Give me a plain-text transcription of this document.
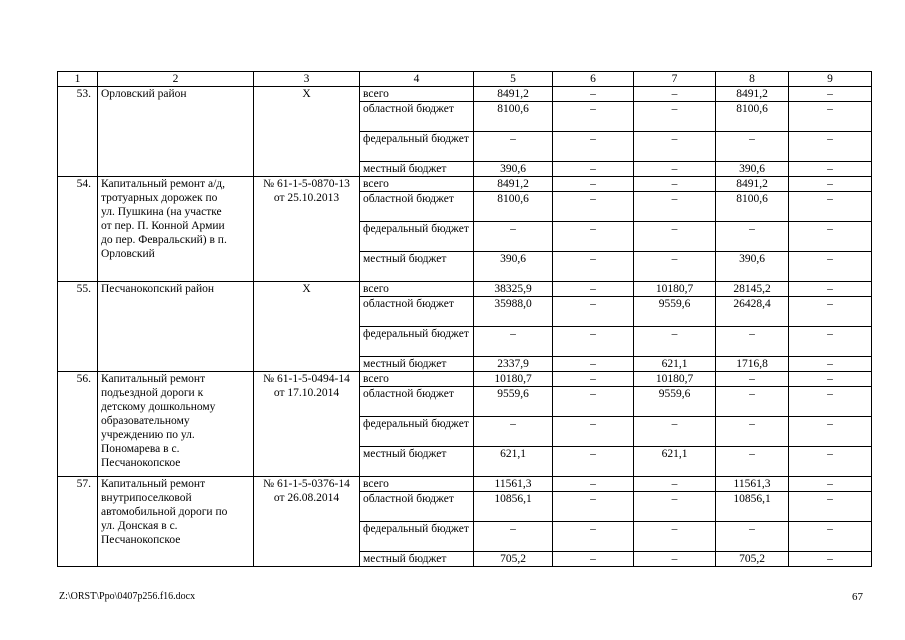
1	2	3	4	5	6	7	8	9
53.	Орловский район	Х	всего	8491,2	–	–	8491,2	–
			областной бюджет	8100,6	–	–	8100,6	–
			федеральный бюджет	–	–	–	–	–
			местный бюджет	390,6	–	–	390,6	–
54.	Капитальный ремонт а/д, тротуарных дорожек по ул. Пушкина (на участке от пер. П. Конной Армии до пер. Февральский) в п. Орловский	№ 61-1-5-0870-13 от 25.10.2013	всего	8491,2	–	–	8491,2	–
			областной бюджет	8100,6	–	–	8100,6	–
			федеральный бюджет	–	–	–	–	–
			местный бюджет	390,6	–	–	390,6	–
55.	Песчанокопский район	Х	всего	38325,9	–	10180,7	28145,2	–
			областной бюджет	35988,0	–	9559,6	26428,4	–
			федеральный бюджет	–	–	–	–	–
			местный бюджет	2337,9	–	621,1	1716,8	–
56.	Капитальный ремонт подъездной дороги к детскому дошкольному образовательному учреждению по ул. Пономарева в с. Песчанокопское	№ 61-1-5-0494-14 от 17.10.2014	всего	10180,7	–	10180,7	–	–
			областной бюджет	9559,6	–	9559,6	–	–
			федеральный бюджет	–	–	–	–	–
			местный бюджет	621,1	–	621,1	–	–
57.	Капитальный ремонт внутрипоселковой автомобильной дороги по ул. Донская в с. Песчанокопское	№ 61-1-5-0376-14 от 26.08.2014	всего	11561,3	–	–	11561,3	–
			областной бюджет	10856,1	–	–	10856,1	–
			федеральный бюджет	–	–	–	–	–
			местный бюджет	705,2	–	–	705,2	–
Z:\ORST\Ppo\0407p256.f16.docx	67
